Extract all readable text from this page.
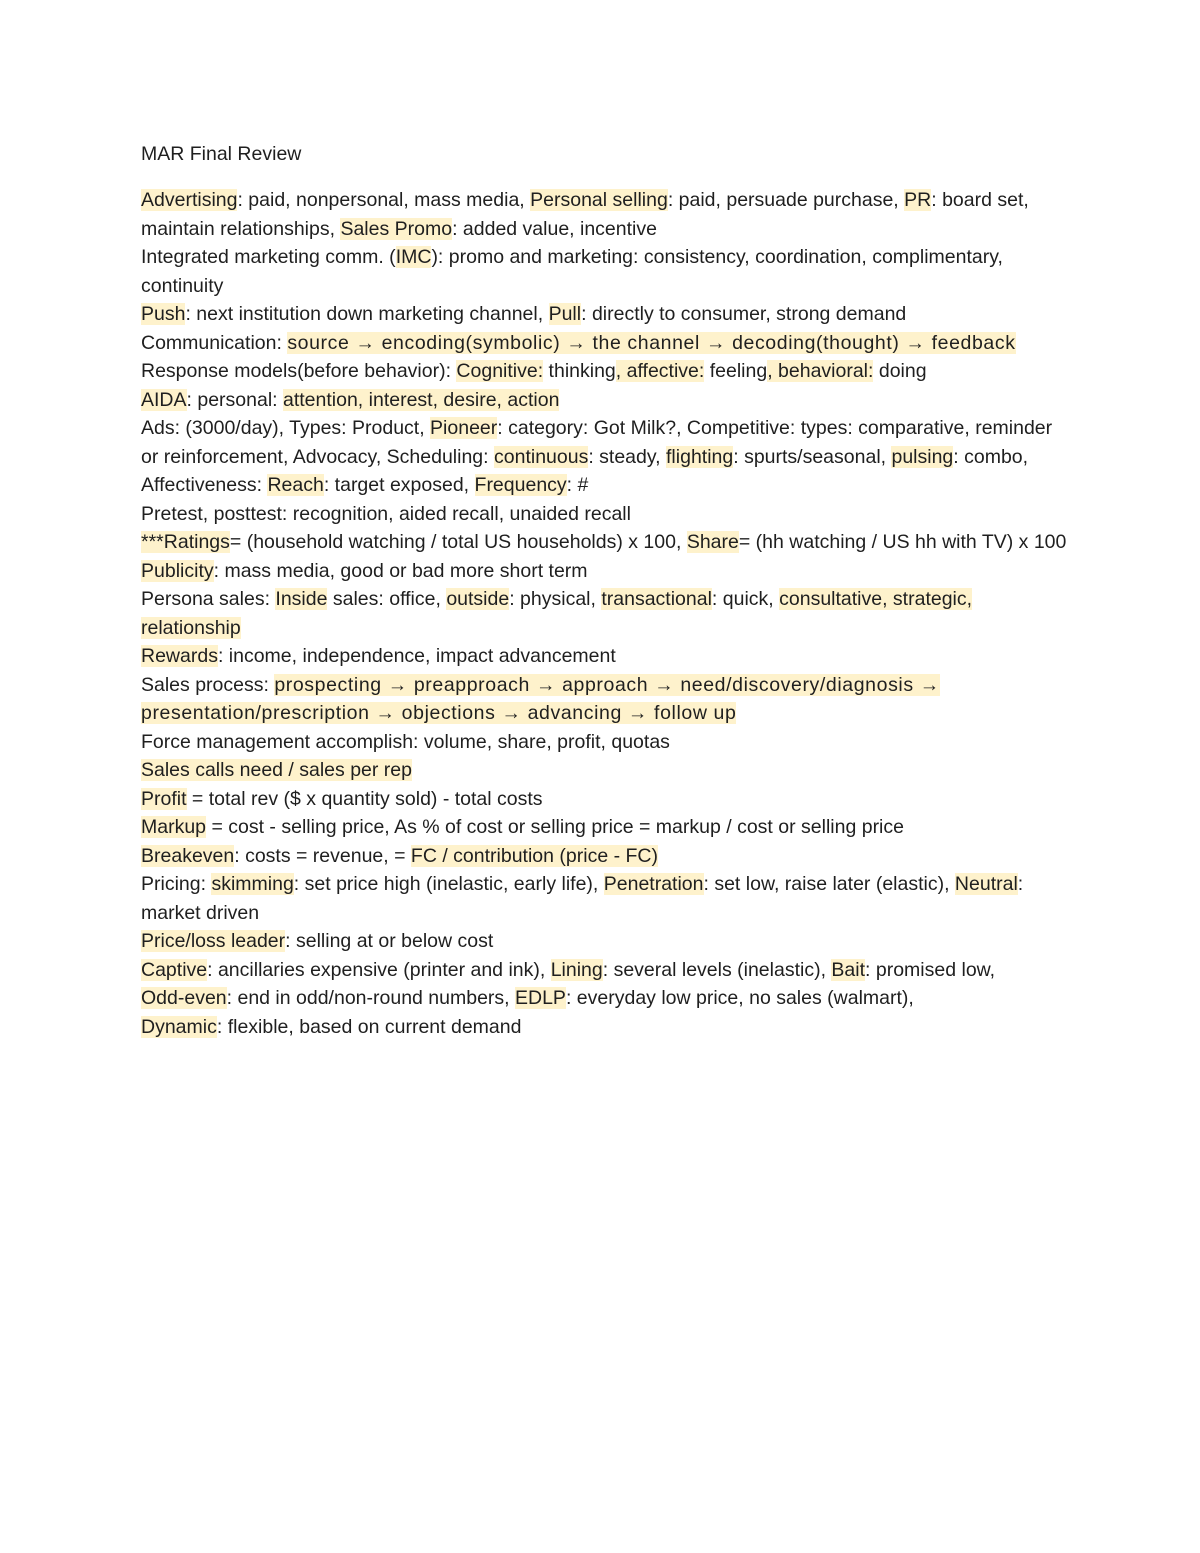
MAR Final Review
Advertising: paid, nonpersonal, mass media, Personal selling: paid, persuade purchase, PR: board set, maintain relationships, Sales Promo: added value, incentive
Integrated marketing comm. (IMC): promo and marketing: consistency, coordination, complimentary, continuity
Push: next institution down marketing channel, Pull: directly to consumer, strong demand
Communication: source → encoding(symbolic) → the channel → decoding(thought) → feedback
Response models(before behavior): Cognitive: thinking, affective: feeling, behavioral: doing
AIDA: personal: attention, interest, desire, action
Ads: (3000/day), Types: Product, Pioneer: category: Got Milk?, Competitive: types: comparative, reminder or reinforcement, Advocacy, Scheduling: continuous: steady, flighting: spurts/seasonal, pulsing: combo, Affectiveness: Reach: target exposed, Frequency: #
Pretest, posttest: recognition, aided recall, unaided recall
***Ratings= (household watching / total US households) x 100, Share= (hh watching / US hh with TV) x 100
Publicity: mass media, good or bad more short term
Persona sales: Inside sales: office, outside: physical, transactional: quick, consultative, strategic, relationship
Rewards: income, independence, impact advancement
Sales process: prospecting → preapproach → approach → need/discovery/diagnosis → presentation/prescription → objections → advancing → follow up
Force management accomplish: volume, share, profit, quotas
Sales calls need / sales per rep
Profit = total rev ($ x quantity sold) - total costs
Markup = cost - selling price, As % of cost or selling price = markup / cost or selling price
Breakeven: costs = revenue, = FC / contribution (price - FC)
Pricing: skimming: set price high (inelastic, early life), Penetration: set low, raise later (elastic), Neutral: market driven
Price/loss leader: selling at or below cost
Captive: ancillaries expensive (printer and ink), Lining: several levels (inelastic), Bait: promised low,
Odd-even: end in odd/non-round numbers, EDLP: everyday low price, no sales (walmart),
Dynamic: flexible, based on current demand
